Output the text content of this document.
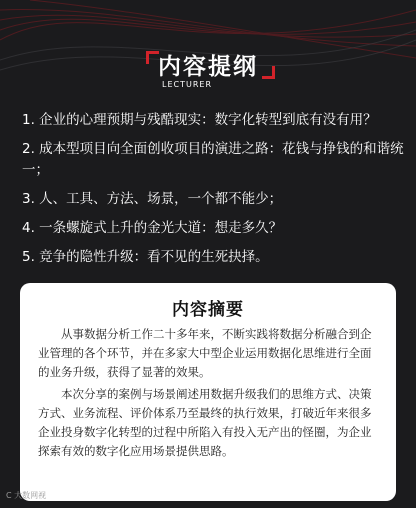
内容提纲
LECTURER
1. 企业的心理预期与残酷现实：数字化转型到底有没有用？
2. 成本型项目向全面创收项目的演进之路：花钱与挣钱的和谐统一；
3. 人、工具、方法、场景，一个都不能少；
4. 一条螺旋式上升的金光大道：想走多久？
5. 竞争的隐性升级：看不见的生死抉择。
内容摘要

从事数据分析工作二十多年来，不断实践将数据分析融合到企业管理的各个环节，并在多家大中型企业运用数据化思维进行全面的业务升级，获得了显著的效果。

本次分享的案例与场景阐述用数据升级我们的思维方式、决策方式、业务流程、评价体系乃至最终的执行效果，打破近年来很多企业投身数字化转型的过程中所陷入有投入无产出的怪圈，为企业探索有效的数字化应用场景提供思路。

C 大数网视
